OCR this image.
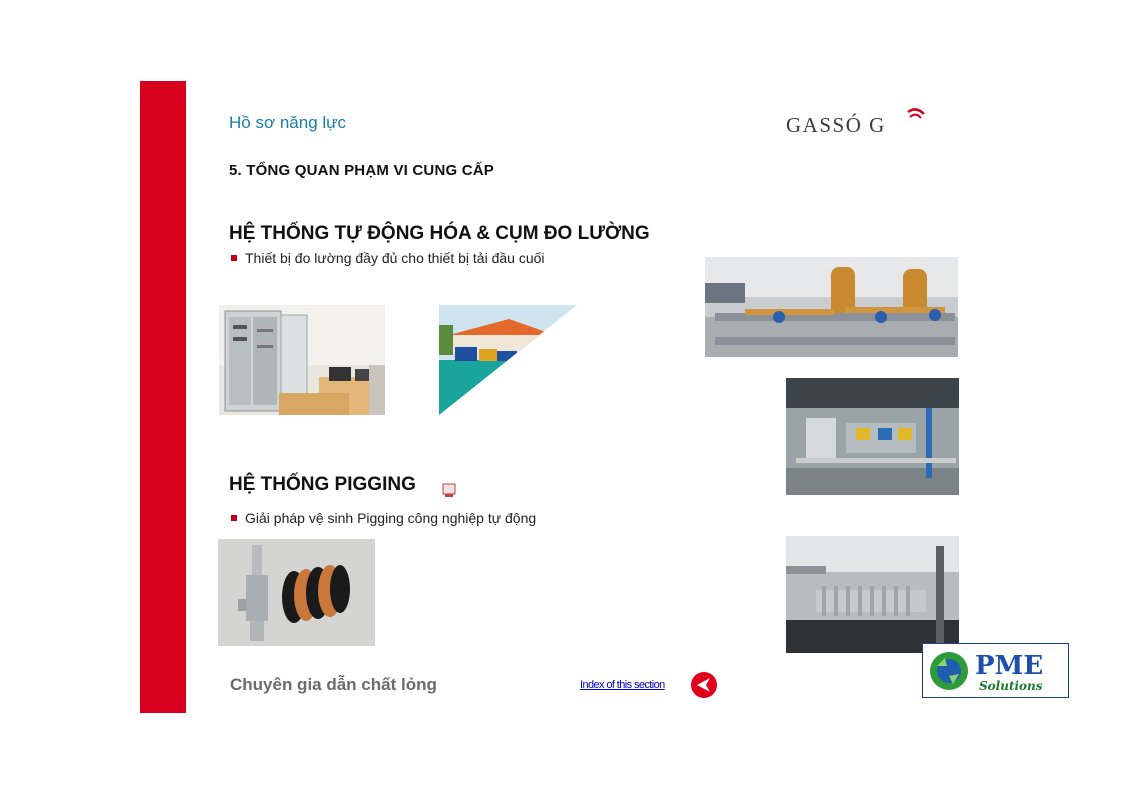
Hồ sơ năng lực	GASSÓ G
5. TỔNG QUAN PHẠM VI CUNG CẤP
HỆ THỐNG TỰ ĐỘNG HÓA & CỤM ĐO LƯỜNG
Thiết bị đo lường đầy đủ cho thiết bị tải đầu cuối
HỆ THỐNG PIGGING
Giải pháp vệ sinh Pigging công nghiệp tự động
Chuyên gia dẫn chất lỏng	Index of this section
PME
Solutions
